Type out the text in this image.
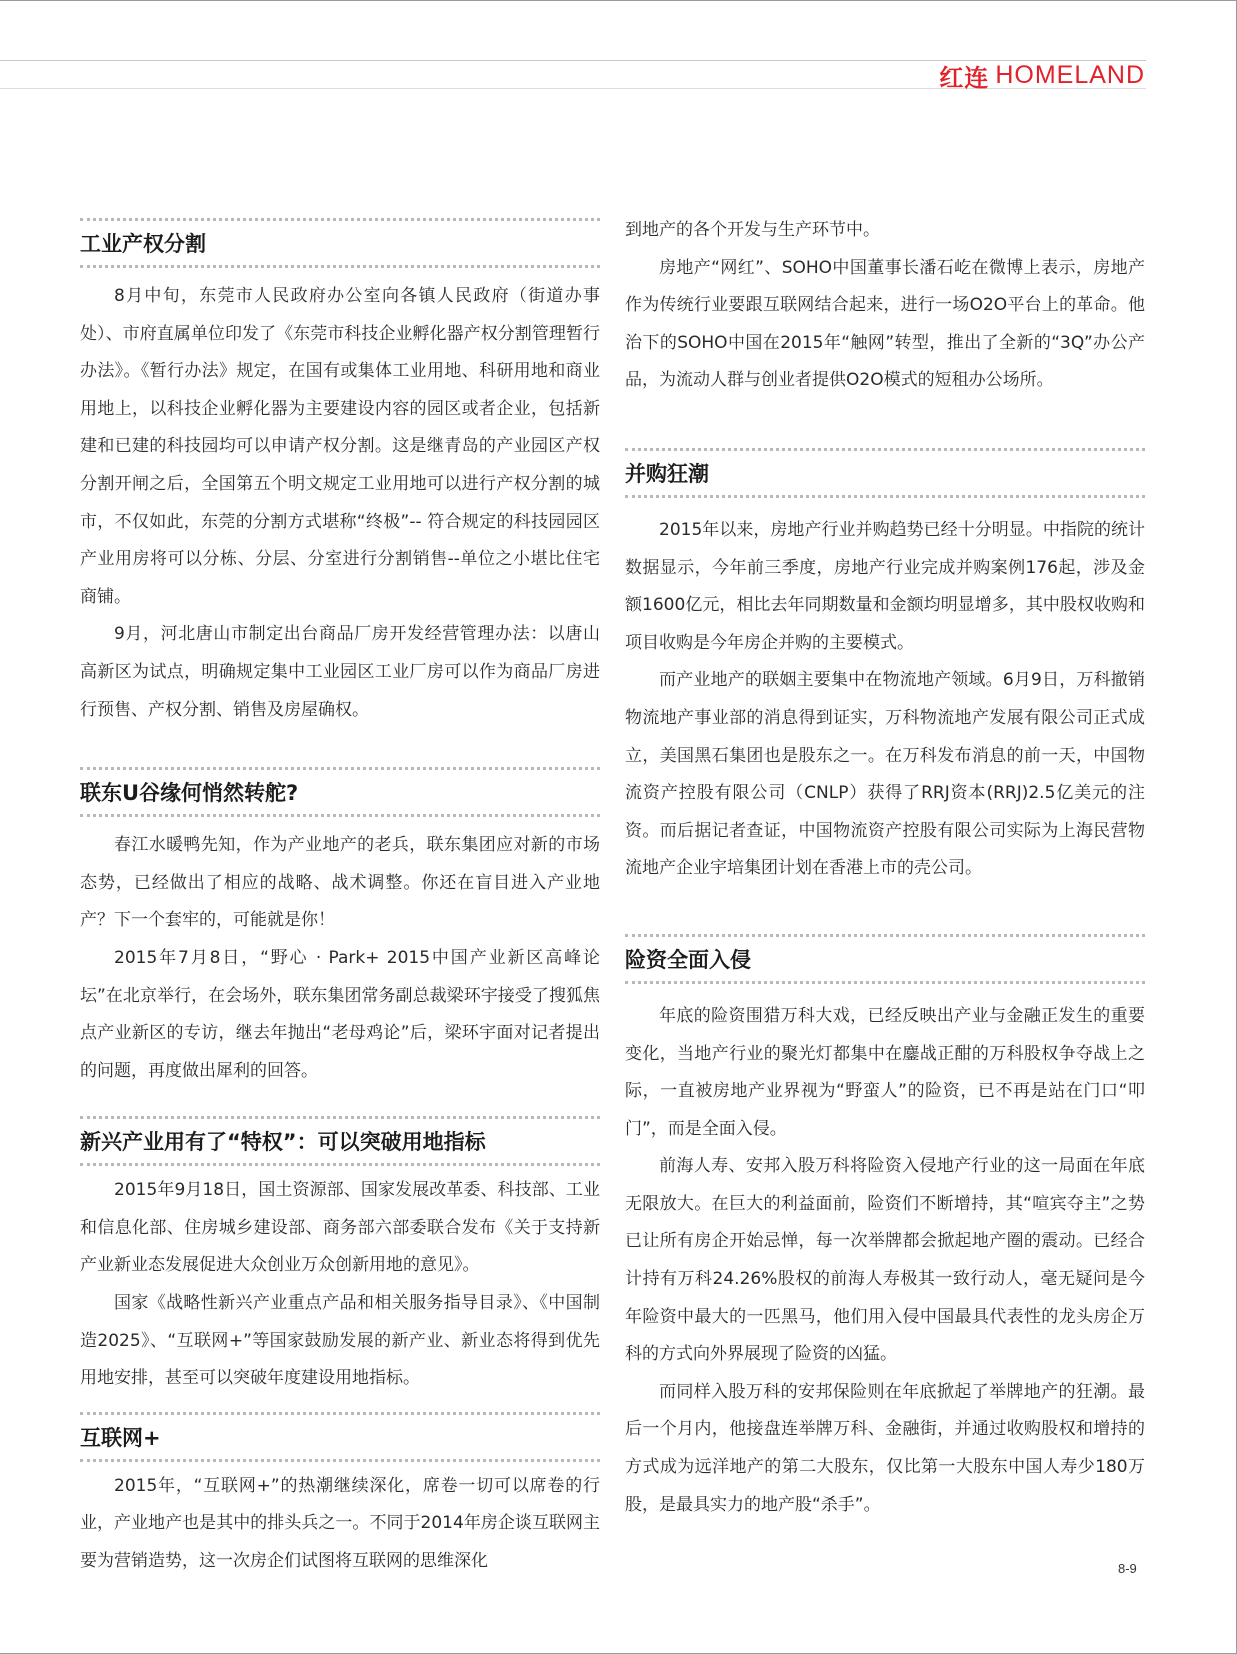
红连 HOMELAND
工业产权分割

8月中旬，东莞市人民政府办公室向各镇人民政府（街道办事处）、市府直属单位印发了《东莞市科技企业孵化器产权分割管理暂行办法》。《暂行办法》规定，在国有或集体工业用地、科研用地和商业用地上，以科技企业孵化器为主要建设内容的园区或者企业，包括新建和已建的科技园均可以申请产权分割。这是继青岛的产业园区产权分割开闸之后，全国第五个明文规定工业用地可以进行产权分割的城市，不仅如此，东莞的分割方式堪称“终极”-- 符合规定的科技园园区产业用房将可以分栋、分层、分室进行分割销售--单位之小堪比住宅商铺。

9月，河北唐山市制定出台商品厂房开发经营管理办法：以唐山高新区为试点，明确规定集中工业园区工业厂房可以作为商品厂房进行预售、产权分割、销售及房屋确权。

联东U谷缘何悄然转舵?

春江水暖鸭先知，作为产业地产的老兵，联东集团应对新的市场态势，已经做出了相应的战略、战术调整。你还在盲目进入产业地产？下一个套牢的，可能就是你！

2015年7月8日，“野心 · Park+ 2015中国产业新区高峰论坛”在北京举行，在会场外，联东集团常务副总裁梁环宇接受了搜狐焦点产业新区的专访，继去年抛出“老母鸡论”后，梁环宇面对记者提出的问题，再度做出犀利的回答。

新兴产业用有了“特权”：可以突破用地指标

2015年9月18日，国土资源部、国家发展改革委、科技部、工业和信息化部、住房城乡建设部、商务部六部委联合发布《关于支持新产业新业态发展促进大众创业万众创新用地的意见》。

国家《战略性新兴产业重点产品和相关服务指导目录》、《中国制造2025》、“互联网+”等国家鼓励发展的新产业、新业态将得到优先用地安排，甚至可以突破年度建设用地指标。

互联网+

2015年，“互联网+”的热潮继续深化，席卷一切可以席卷的行业，产业地产也是其中的排头兵之一。不同于2014年房企谈互联网主要为营销造势，这一次房企们试图将互联网的思维深化

到地产的各个开发与生产环节中。

房地产“网红”、SOHO中国董事长潘石屹在微博上表示，房地产作为传统行业要跟互联网结合起来，进行一场O2O平台上的革命。他治下的SOHO中国在2015年“触网”转型，推出了全新的“3Q”办公产品，为流动人群与创业者提供O2O模式的短租办公场所。

并购狂潮

2015年以来，房地产行业并购趋势已经十分明显。中指院的统计数据显示，今年前三季度，房地产行业完成并购案例176起，涉及金额1600亿元，相比去年同期数量和金额均明显增多，其中股权收购和项目收购是今年房企并购的主要模式。

而产业地产的联姻主要集中在物流地产领域。6月9日，万科撤销物流地产事业部的消息得到证实，万科物流地产发展有限公司正式成立，美国黑石集团也是股东之一。在万科发布消息的前一天，中国物流资产控股有限公司（CNLP）获得了RRJ资本(RRJ)2.5亿美元的注资。而后据记者查证，中国物流资产控股有限公司实际为上海民营物流地产企业宇培集团计划在香港上市的壳公司。

险资全面入侵

年底的险资围猎万科大戏，已经反映出产业与金融正发生的重要变化，当地产行业的聚光灯都集中在鏖战正酣的万科股权争夺战上之际，一直被房地产业界视为“野蛮人”的险资，已不再是站在门口“叩门”，而是全面入侵。

前海人寿、安邦入股万科将险资入侵地产行业的这一局面在年底无限放大。在巨大的利益面前，险资们不断增持，其“喧宾夺主”之势已让所有房企开始忌惮，每一次举牌都会掀起地产圈的震动。已经合计持有万科24.26%股权的前海人寿极其一致行动人，毫无疑问是今年险资中最大的一匹黑马，他们用入侵中国最具代表性的龙头房企万科的方式向外界展现了险资的凶猛。

而同样入股万科的安邦保险则在年底掀起了举牌地产的狂潮。最后一个月内，他接盘连举牌万科、金融街，并通过收购股权和增持的方式成为远洋地产的第二大股东，仅比第一大股东中国人寿少180万股，是最具实力的地产股“杀手”。

8-9
